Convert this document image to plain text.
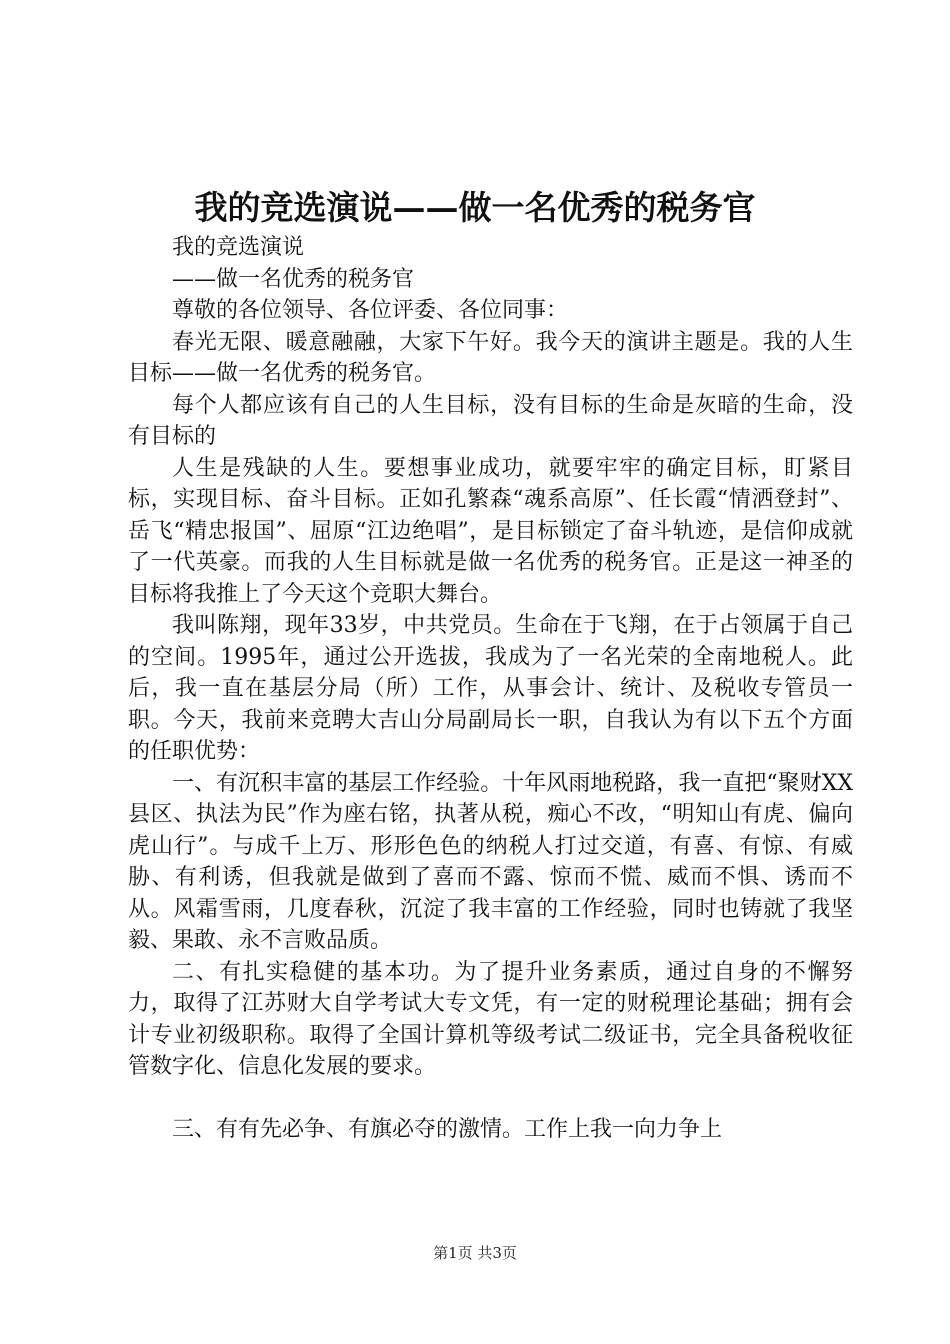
我的竞选演说——做一名优秀的税务官

我的竞选演说

——做一名优秀的税务官

尊敬的各位领导、各位评委、各位同事：

春光无限、暖意融融，大家下午好。我今天的演讲主题是。我的人生目标——做一名优秀的税务官。

每个人都应该有自己的人生目标，没有目标的生命是灰暗的生命，没有目标的

人生是残缺的人生。要想事业成功，就要牢牢的确定目标，盯紧目标，实现目标、奋斗目标。正如孔繁森“魂系高原”、任长霞“情洒登封”、岳飞“精忠报国”、屈原“江边绝唱”，是目标锁定了奋斗轨迹，是信仰成就了一代英豪。而我的人生目标就是做一名优秀的税务官。正是这一神圣的目标将我推上了今天这个竞职大舞台。

我叫陈翔，现年33岁，中共党员。生命在于飞翔，在于占领属于自己的空间。1995年，通过公开选拔，我成为了一名光荣的全南地税人。此后，我一直在基层分局（所）工作，从事会计、统计、及税收专管员一职。今天，我前来竞聘大吉山分局副局长一职，自我认为有以下五个方面的任职优势：

一、有沉积丰富的基层工作经验。十年风雨地税路，我一直把“聚财XX县区、执法为民”作为座右铭，执著从税，痴心不改，“明知山有虎、偏向虎山行”。与成千上万、形形色色的纳税人打过交道，有喜、有惊、有威胁、有利诱，但我就是做到了喜而不露、惊而不慌、威而不惧、诱而不从。风霜雪雨，几度春秋，沉淀了我丰富的工作经验，同时也铸就了我坚毅、果敢、永不言败品质。

二、有扎实稳健的基本功。为了提升业务素质，通过自身的不懈努力，取得了江苏财大自学考试大专文凭，有一定的财税理论基础；拥有会计专业初级职称。取得了全国计算机等级考试二级证书，完全具备税收征管数字化、信息化发展的要求。

三、有有先必争、有旗必夺的激情。工作上我一向力争上

第1页 共3页
